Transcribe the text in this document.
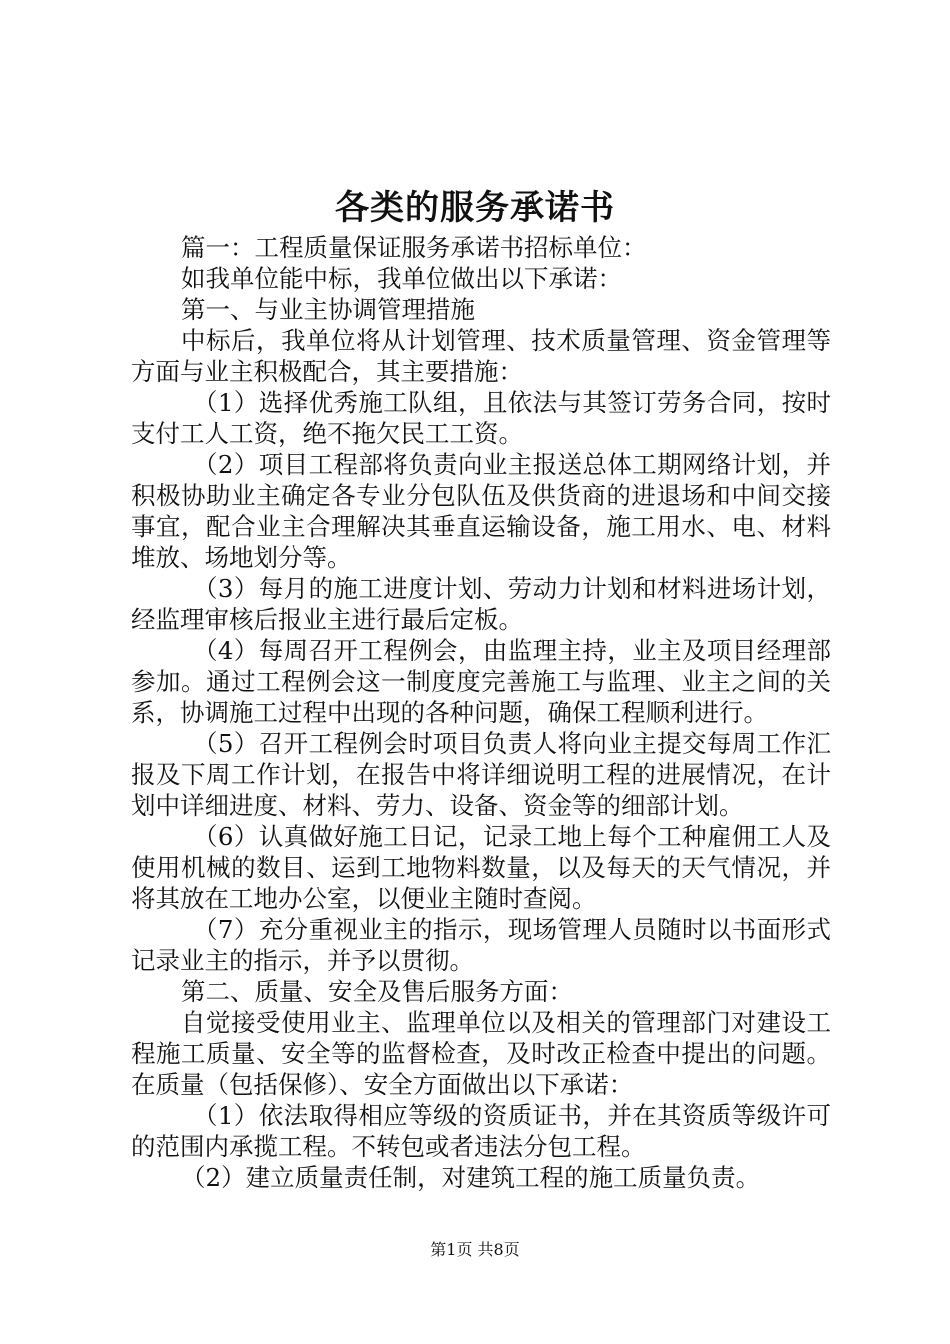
各类的服务承诺书

篇一：工程质量保证服务承诺书招标单位：

如我单位能中标，我单位做出以下承诺：

第一、与业主协调管理措施

中标后，我单位将从计划管理、技术质量管理、资金管理等方面与业主积极配合，其主要措施：

（1）选择优秀施工队组，且依法与其签订劳务合同，按时支付工人工资，绝不拖欠民工工资。

（2）项目工程部将负责向业主报送总体工期网络计划，并积极协助业主确定各专业分包队伍及供货商的进退场和中间交接事宜，配合业主合理解决其垂直运输设备，施工用水、电、材料堆放、场地划分等。

（3）每月的施工进度计划、劳动力计划和材料进场计划，经监理审核后报业主进行最后定板。

（4）每周召开工程例会，由监理主持，业主及项目经理部参加。通过工程例会这一制度度完善施工与监理、业主之间的关系，协调施工过程中出现的各种问题，确保工程顺利进行。

（5）召开工程例会时项目负责人将向业主提交每周工作汇报及下周工作计划，在报告中将详细说明工程的进展情况，在计划中详细进度、材料、劳力、设备、资金等的细部计划。

（6）认真做好施工日记，记录工地上每个工种雇佣工人及使用机械的数目、运到工地物料数量，以及每天的天气情况，并将其放在工地办公室，以便业主随时查阅。

（7）充分重视业主的指示，现场管理人员随时以书面形式记录业主的指示，并予以贯彻。

第二、质量、安全及售后服务方面：

自觉接受使用业主、监理单位以及相关的管理部门对建设工程施工质量、安全等的监督检查，及时改正检查中提出的问题。在质量（包括保修）、安全方面做出以下承诺：

（1）依法取得相应等级的资质证书，并在其资质等级许可的范围内承揽工程。不转包或者违法分包工程。

（2）建立质量责任制，对建筑工程的施工质量负责。

第1页 共8页
